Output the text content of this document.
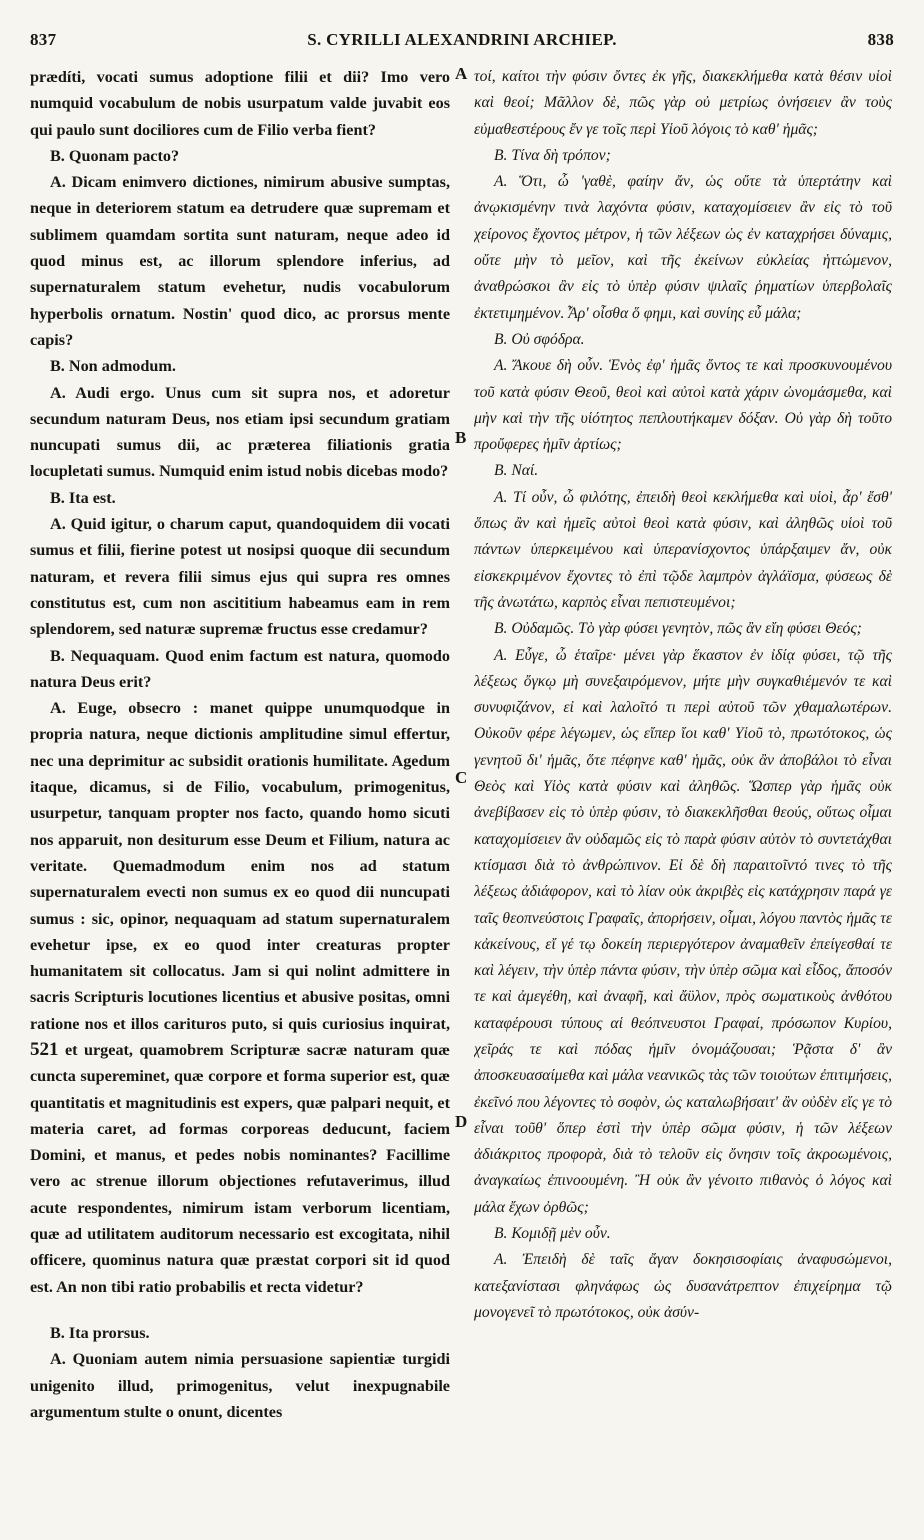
837	S. CYRILLI ALEXANDRINI ARCHIEP.	838

prædíti, vocati sumus adoptione filii et dii? Imo vero numquid vocabulum de nobis usurpatum valde juvabit eos qui paulo sunt dociliores cum de Filio verba fient?

B. Quonam pacto?

A. Dicam enimvero dictiones, nimirum abusive sumptas, neque in deteriorem statum ea detrudere quæ supremam et sublimem quamdam sortita sunt naturam, neque adeo id quod minus est, ac illorum splendore inferius, ad supernaturalem statum evehetur, nudis vocabulorum hyperbolis ornatum. Nostin' quod dico, ac prorsus mente capis?

B. Non admodum.

A. Audi ergo. Unus cum sit supra nos, et adoretur secundum naturam Deus, nos etiam ipsi secundum gratiam nuncupati sumus dii, ac præterea filiationis gratia locupletati sumus. Numquid enim istud nobis dicebas modo?

B. Ita est.

A. Quid igitur, o charum caput, quandoquidem dii vocati sumus et filii, fierine potest ut nosipsi quoque dii secundum naturam, et revera filii simus ejus qui supra res omnes constitutus est, cum non ascititium habeamus eam in rem splendorem, sed naturæ supremæ fructus esse credamur?

B. Nequaquam. Quod enim factum est natura, quomodo natura Deus erit?

A. Euge, obsecro : manet quippe unumquodque in propria natura, neque dictionis amplitudine simul effertur, nec una deprimitur ac subsidit orationis humilitate. Agedum itaque, dicamus, si de Filio, vocabulum, primogenitus, usurpetur, tanquam propter nos facto, quando homo sicuti nos apparuit, non desiturum esse Deum et Filium, natura ac veritate. Quemadmodum enim nos ad statum supernaturalem evecti non sumus ex eo quod dii nuncupati sumus : sic, opinor, nequaquam ad statum supernaturalem evehetur ipse, ex eo quod inter creaturas propter humanitatem sit collocatus. Jam si qui nolint admittere in sacris Scripturis locutiones licentius et abusive positas, omni ratione nos et illos carituros puto, si quis curiosius inquirat, 521 et urgeat, quamobrem Scripturæ sacræ naturam quæ cuncta supereminet, quæ corpore et forma superior est, quæ quantitatis et magnitudinis est expers, quæ palpari nequit, et materia caret, ad formas corporeas deducunt, faciem Domini, et manus, et pedes nobis nominantes? Facillime vero ac strenue illorum objectiones refutaverimus, illud acute respondentes, nimirum istam verborum licentiam, quæ ad utilitatem auditorum necessario est excogitata, nihil officere, quominus natura quæ præstat corpori sit id quod est. An non tibi ratio probabilis et recta videtur?

B. Ita prorsus.

A. Quoniam autem nimia persuasione sapientiæ turgidi unigenito illud, primogenitus, velut inexpugnabile argumentum stulte o onunt, dicentes

A
B
C
D

τοί, καίτοι τὴν φύσιν ὄντες ἐκ γῆς, διακεκλήμεθα κατὰ θέσιν υἱοὶ καὶ θεοί; Μᾶλλον δὲ, πῶς γὰρ οὐ μετρίως ὀνήσειεν ἂν τοὺς εὐμαθεστέρους ἔν γε τοῖς περὶ Υἱοῦ λόγοις τὸ καθ' ἡμᾶς;

Β. Τίνα δὴ τρόπον;

Α. Ὅτι, ὦ 'γαθὲ, φαίην ἄν, ὡς οὔτε τὰ ὑπερτάτην καὶ ἀνῳκισμένην τινὰ λαχόντα φύσιν, καταχομίσειεν ἂν εἰς τὸ τοῦ χείρονος ἔχοντος μέτρον, ἡ τῶν λέξεων ὡς ἐν καταχρήσει δύναμις, οὔτε μὴν τὸ μεῖον, καὶ τῆς ἐκείνων εὐκλείας ἡττώμενον, ἀναθρώσκοι ἂν εἰς τὸ ὑπὲρ φύσιν ψιλαῖς ῥηματίων ὑπερβολαῖς ἐκτετιμημένον. Ἆρ' οἶσθα ὅ φημι, καὶ συνίης εὖ μάλα;

Β. Οὐ σφόδρα.

Α. Ἄκουε δὴ οὖν. Ἑνὸς ἐφ' ἡμᾶς ὄντος τε καὶ προσκυνουμένου τοῦ κατὰ φύσιν Θεοῦ, θεοὶ καὶ αὐτοὶ κατὰ χάριν ὠνομάσμεθα, καὶ μὴν καὶ τὴν τῆς υἱότητος πεπλουτήκαμεν δόξαν. Οὐ γὰρ δὴ τοῦτο προὔφερες ἡμῖν ἀρτίως;

Β. Ναί.

Α. Τί οὖν, ὦ φιλότης, ἐπειδὴ θεοὶ κεκλήμεθα καὶ υἱοὶ, ἆρ' ἔσθ' ὅπως ἂν καὶ ἡμεῖς αὐτοὶ θεοὶ κατὰ φύσιν, καὶ ἀληθῶς υἱοὶ τοῦ πάντων ὑπερκειμένου καὶ ὑπερανίσχοντος ὑπάρξαιμεν ἄν, οὐκ εἰσκεκριμένον ἔχοντες τὸ ἐπὶ τῷδε λαμπρὸν ἀγλάϊσμα, φύσεως δὲ τῆς ἀνωτάτω, καρπὸς εἶναι πεπιστευμένοι;

Β. Οὐδαμῶς. Τὸ γὰρ φύσει γενητὸν, πῶς ἂν εἴη φύσει Θεός;

Α. Εὖγε, ὦ ἑταῖρε· μένει γὰρ ἕκαστον ἐν ἰδίᾳ φύσει, τῷ τῆς λέξεως ὄγκῳ μὴ συνεξαιρόμενον, μήτε μὴν συγκαθιέμενόν τε καὶ συνυφιζάνον, εἰ καὶ λαλοῖτό τι περὶ αὐτοῦ τῶν χθαμαλωτέρων. Οὐκοῦν φέρε λέγωμεν, ὡς εἴπερ ἴοι καθ' Υἱοῦ τὸ, πρωτότοκος, ὡς γενητοῦ δι' ἡμᾶς, ὅτε πέφηνε καθ' ἡμᾶς, οὐκ ἂν ἀποβάλοι τὸ εἶναι Θεὸς καὶ Υἱὸς κατὰ φύσιν καὶ ἀληθῶς. Ὥσπερ γὰρ ἡμᾶς οὐκ ἀνεβίβασεν εἰς τὸ ὑπὲρ φύσιν, τὸ διακεκλῆσθαι θεούς, οὕτως οἶμαι καταχομίσειεν ἂν οὐδαμῶς εἰς τὸ παρὰ φύσιν αὐτὸν τὸ συντετάχθαι κτίσμασι διὰ τὸ ἀνθρώπινον. Εἰ δὲ δὴ παραιτοῖντό τινες τὸ τῆς λέξεως ἀδιάφορον, καὶ τὸ λίαν οὐκ ἀκριβὲς εἰς κατάχρησιν παρά γε ταῖς θεοπνεύστοις Γραφαῖς, ἀπορήσειν, οἶμαι, λόγου παντὸς ἡμᾶς τε κἀκείνους, εἴ γέ τῳ δοκείη περιεργότερον ἀναμαθεῖν ἐπείγεσθαί τε καὶ λέγειν, τὴν ὑπὲρ πάντα φύσιν, τὴν ὑπὲρ σῶμα καὶ εἶδος, ἄποσόν τε καὶ ἀμεγέθη, καὶ ἀναφῆ, καὶ ἄϋλον, πρὸς σωματικοὺς ἀνθότου καταφέρουσι τύπους αἱ θεόπνευστοι Γραφαί, πρόσωπον Κυρίου, χεῖράς τε καὶ πόδας ἡμῖν ὀνομάζουσαι; Ῥᾷστα δ' ἂν ἀποσκευασαίμεθα καὶ μάλα νεανικῶς τὰς τῶν τοιούτων ἐπιτιμήσεις, ἐκεῖνό που λέγοντες τὸ σοφὸν, ὡς καταλωβήσαιτ' ἂν οὐδὲν εἴς γε τὸ εἶναι τοῦθ' ὅπερ ἐστὶ τὴν ὑπὲρ σῶμα φύσιν, ἡ τῶν λέξεων ἀδιάκριτος προφορὰ, διὰ τὸ τελοῦν εἰς ὄνησιν τοῖς ἀκροωμένοις, ἀναγκαίως ἐπινοουμένη. Ἢ οὐκ ἂν γένοιτο πιθανὸς ὁ λόγος καὶ μάλα ἔχων ὀρθῶς;

Β. Κομιδῇ μὲν οὖν.

Α. Ἐπειδὴ δὲ ταῖς ἄγαν δοκησισοφίαις ἀναφυσώμενοι, κατεξανίστασι φληνάφως ὡς δυσανάτρεπτον ἐπιχείρημα τῷ μονογενεῖ τὸ πρωτότοκος, οὐκ ἀσύν-
